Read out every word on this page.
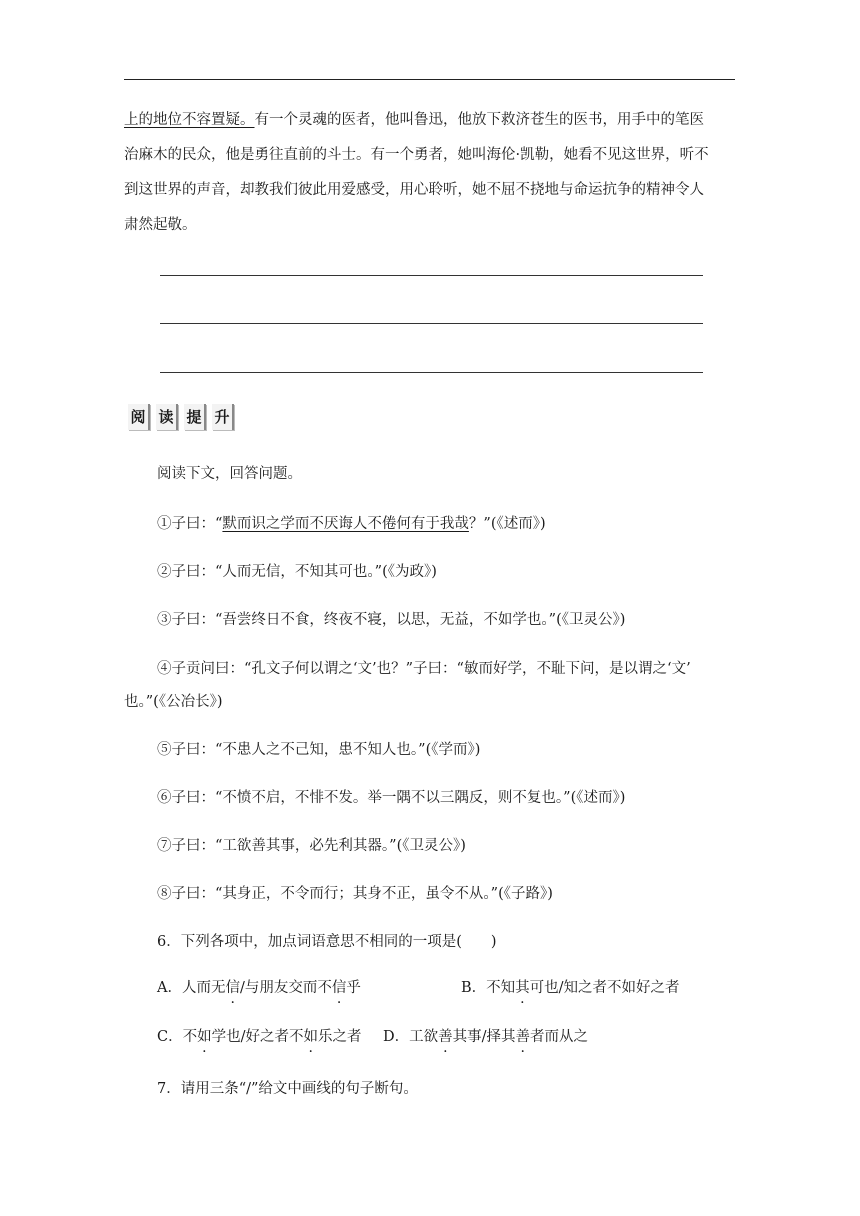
上的地位不容置疑。有一个灵魂的医者，他叫鲁迅，他放下救济苍生的医书，用手中的笔医
治麻木的民众，他是勇往直前的斗士。有一个勇者，她叫海伦·凯勒，她看不见这世界，听不
到这世界的声音，却教我们彼此用爱感受，用心聆听，她不屈不挠地与命运抗争的精神令人
肃然起敬。
阅 读 提 升
阅读下文，回答问题。
①子曰：“默而识之学而不厌诲人不倦何有于我哉？”(《述而》)
②子曰：“人而无信，不知其可也。”(《为政》)
③子曰：“吾尝终日不食，终夜不寝，以思，无益，不如学也。”(《卫灵公》)
④子贡问曰：“孔文子何以谓之‘文’也？”子曰：“敏而好学，不耻下问，是以谓之‘文’
也。”(《公冶长》)
⑤子曰：“不患人之不己知，患不知人也。”(《学而》)
⑥子曰：“不愤不启，不悱不发。举一隅不以三隅反，则不复也。”(《述而》)
⑦子曰：“工欲善其事，必先利其器。”(《卫灵公》)
⑧子曰：“其身正，不令而行；其身不正，虽令不从。”(《子路》)
6．下列各项中，加点词语意思不相同的一项是(　　)
A．人而无信/与朋友交而不信乎	B．不知其可也/知之者不如好之者
C．不如学也/好之者不如乐之者 D．工欲善其事/择其善者而从之
7．请用三条“/”给文中画线的句子断句。
